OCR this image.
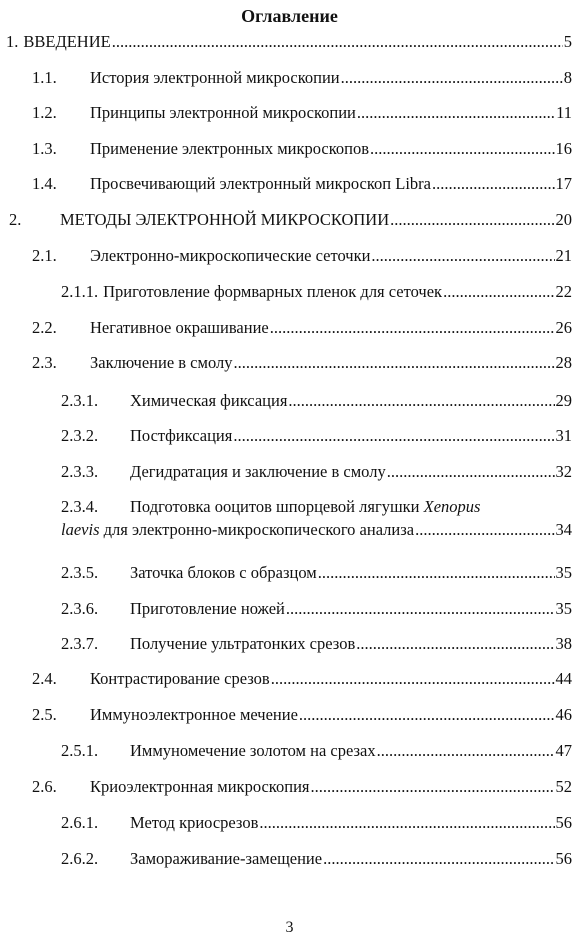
Оглавление
1. ВВЕДЕНИЕ .....	5
1.1.	История электронной микроскопии .....	8
1.2.	Принципы электронной микроскопии .....	11
1.3.	Применение электронных микроскопов .....	16
1.4.	Просвечивающий электронный микроскоп Libra .....	17
2.	МЕТОДЫ ЭЛЕКТРОННОЙ МИКРОСКОПИИ .....	20
2.1.	Электронно-микроскопические сеточки .....	21
2.1.1. Приготовление формварных пленок для сеточек .....	22
2.2.	Негативное окрашивание .....	26
2.3.	Заключение в смолу .....	28
2.3.1.	Химическая фиксация .....	29
2.3.2.	Постфиксация .....	31
2.3.3.	Дегидратация и заключение в смолу .....	32
2.3.4.	Подготовка ооцитов шпорцевой лягушки Xenopus
laevis для электронно-микроскопического анализа .....	34
2.3.5.	Заточка блоков с образцом .....	35
2.3.6.	Приготовление ножей .....	35
2.3.7.	Получение ультратонких срезов .....	38
2.4.	Контрастирование срезов .....	44
2.5.	Иммуноэлектронное мечение .....	46
2.5.1.	Иммуномечение золотом на срезах .....	47
2.6.	Криоэлектронная микроскопия .....	52
2.6.1.	Метод криосрезов .....	56
2.6.2.	Замораживание-замещение .....	56
3
